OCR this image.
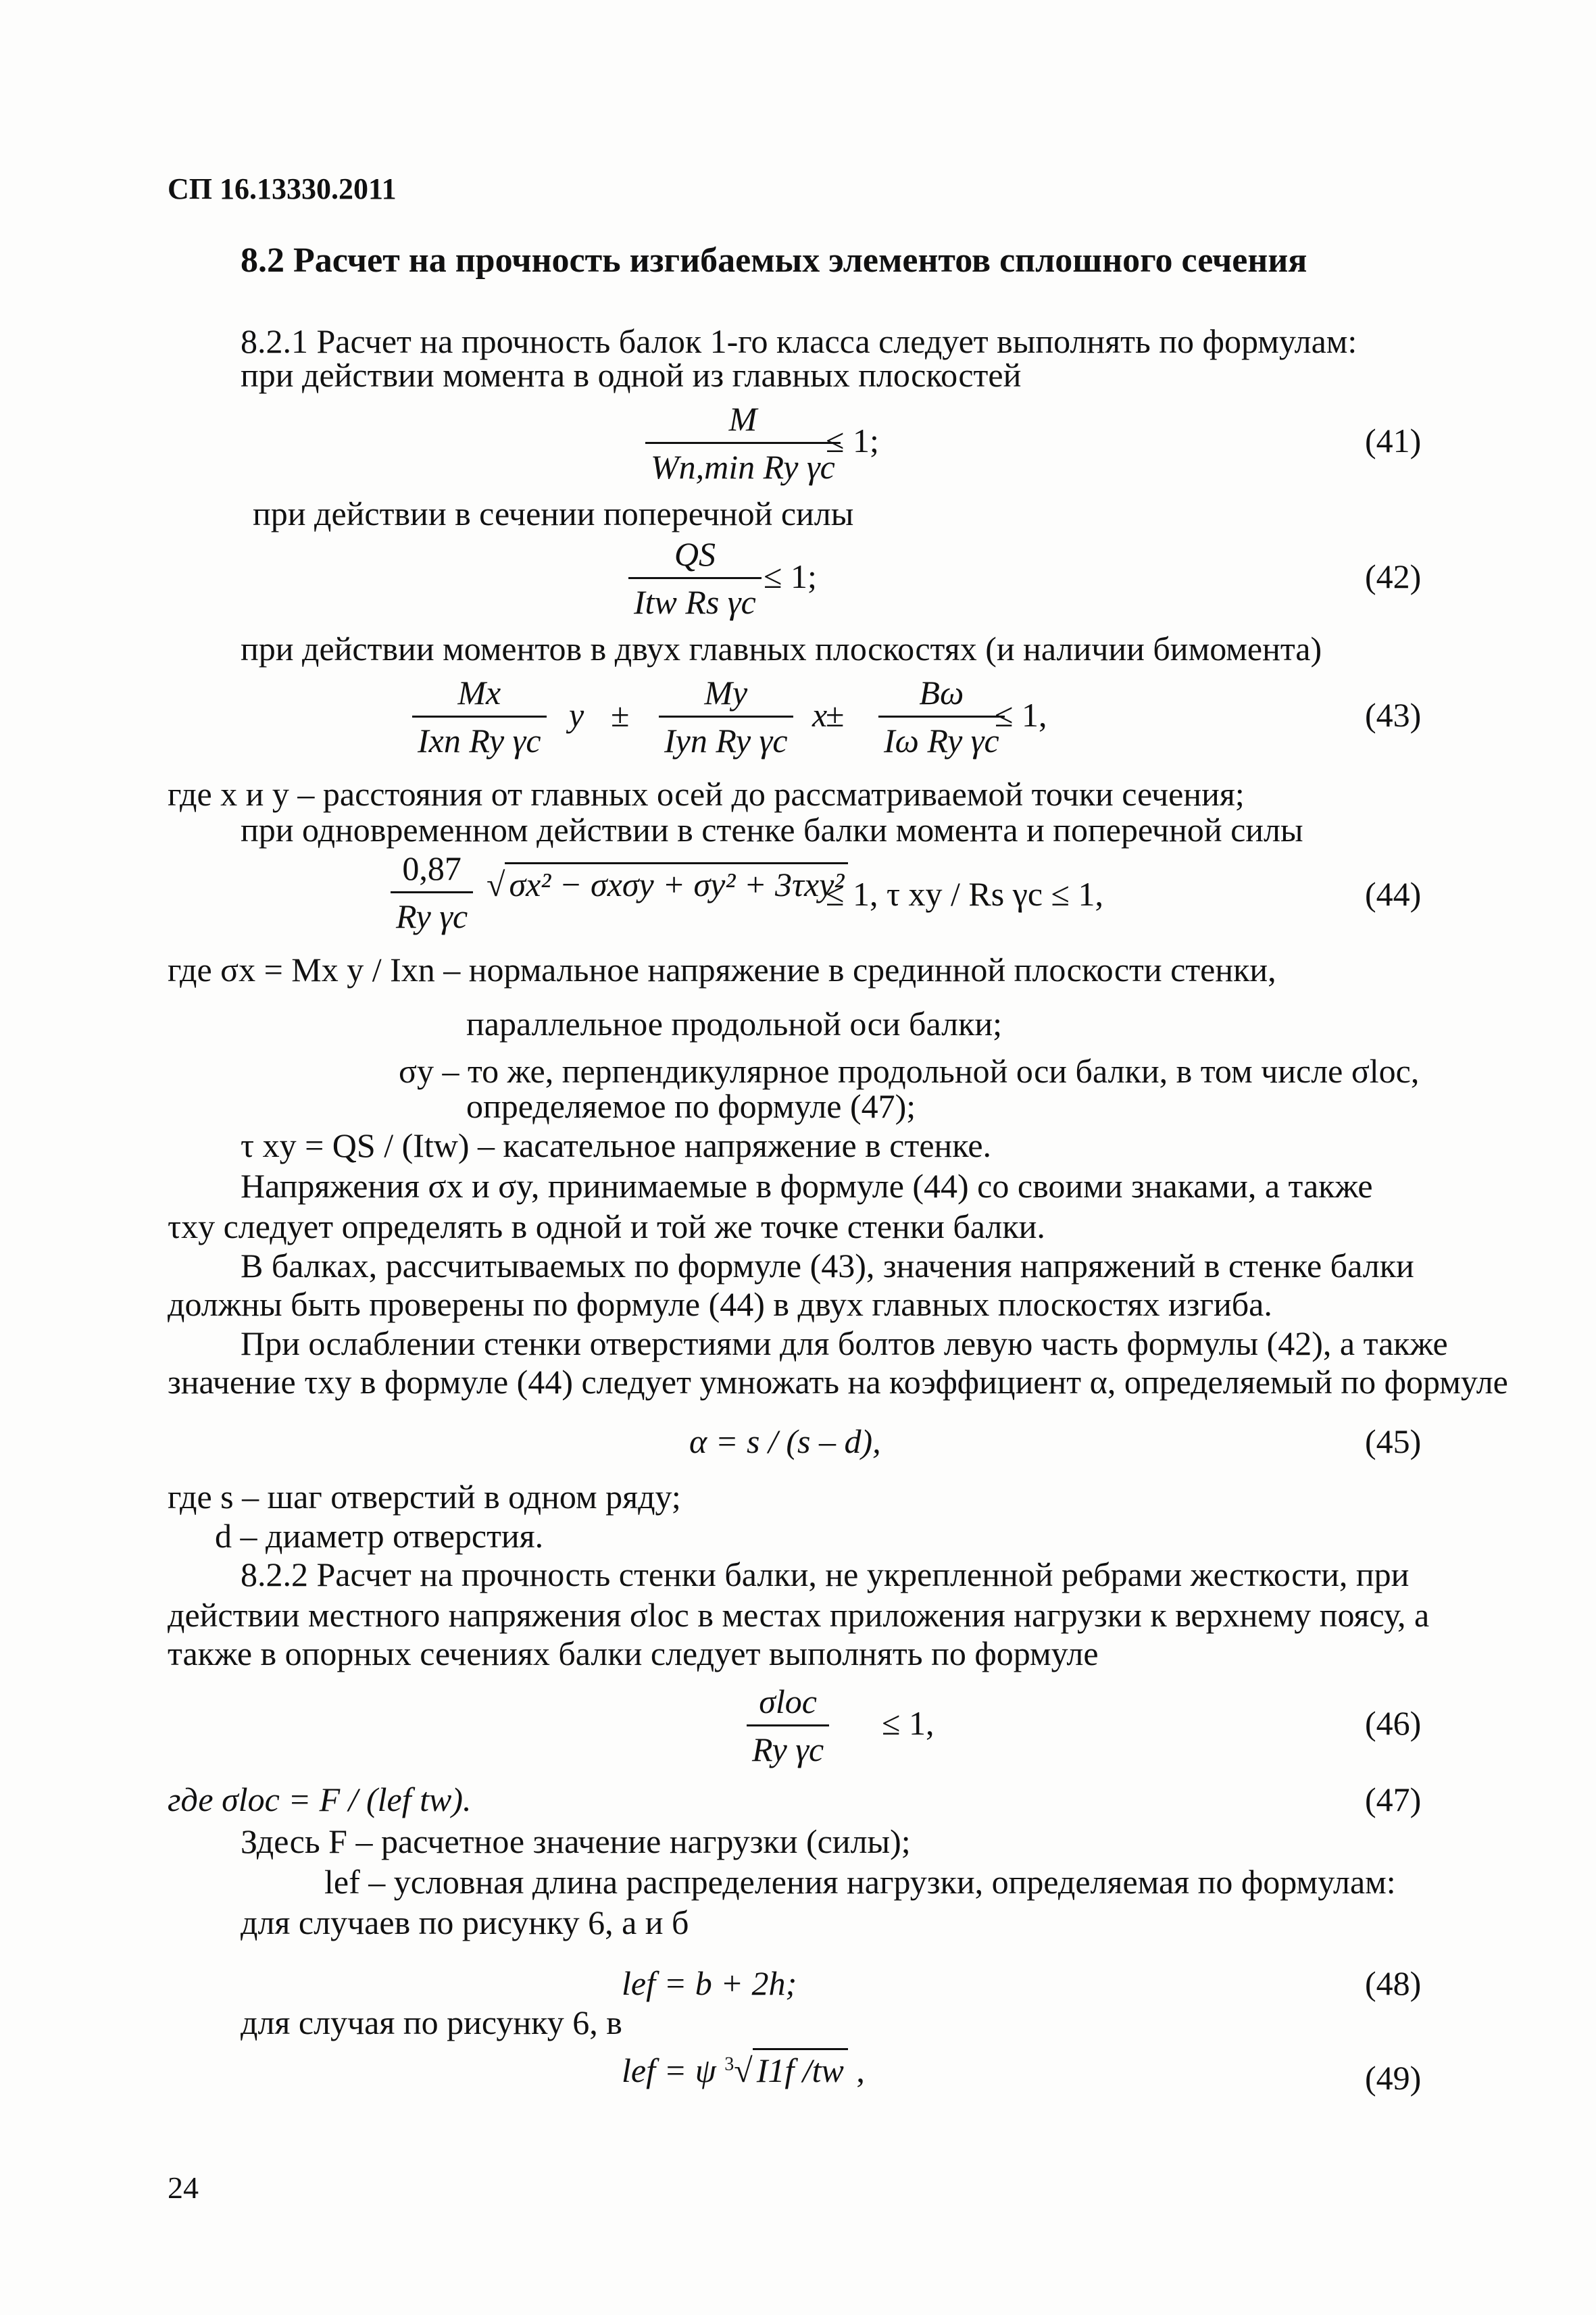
СП 16.13330.2011
8.2 Расчет на прочность изгибаемых элементов сплошного сечения
8.2.1 Расчет на прочность балок 1-го класса следует выполнять по формулам:
при действии момента в одной из главных плоскостей
M
Wn,min Ry γc
≤ 1;	(41)
при действии в сечении поперечной силы
QS
Itw Rs γc
≤ 1;	(42)
при действии моментов в двух главных плоскостях (и наличии бимомента)
Mx
Ixn Ry γc
y ±
My
Iyn Ry γc
x
± $\frac{B\omega}{\text{Iω Ry γc}}$
≤ 1,	(43)
где x и y – расстояния от главных осей до рассматриваемой точки сечения;
при одновременном действии в стенке балки момента и поперечной силы
$\frac{0,87}{\text{Ry γc}}$ √ σx² − σxσy + σy² + 3τxy²
≤ 1, τ xy / Rs γc ≤ 1,	(44)
где σx = Mx y / Ixn – нормальное напряжение в срединной плоскости стенки,
параллельное продольной оси балки;
σy – то же, перпендикулярное продольной оси балки, в том числе σloc,
определяемое по формуле (47);
τ xy = QS / (Itw) – касательное напряжение в стенке.
Напряжения σx и σy, принимаемые в формуле (44) со своими знаками, а также
τxy следует определять в одной и той же точке стенки балки.
В балках, рассчитываемых по формуле (43), значения напряжений в стенке балки
должны быть проверены по формуле (44) в двух главных плоскостях изгиба.
При ослаблении стенки отверстиями для болтов левую часть формулы (42), а также
значение τxy в формуле (44) следует умножать на коэффициент α, определяемый по формуле
α = s / (s – d),	(45)
где s – шаг отверстий в одном ряду;
d – диаметр отверстия.
8.2.2 Расчет на прочность стенки балки, не укрепленной ребрами жесткости, при
действии местного напряжения σloc в местах приложения нагрузки к верхнему поясу, а
также в опорных сечениях балки следует выполнять по формуле
σloc
Ry γc
≤ 1,	(46)
где σloc = F / (lef tw).	(47)
Здесь F – расчетное значение нагрузки (силы);
lef – условная длина распределения нагрузки, определяемая по формулам:
для случаев по рисунку 6, а и б
lef = b + 2h;	(48)
для случая по рисунку 6, в
lef = ψ $^3$√ I1f /tw ,	(49)
24
